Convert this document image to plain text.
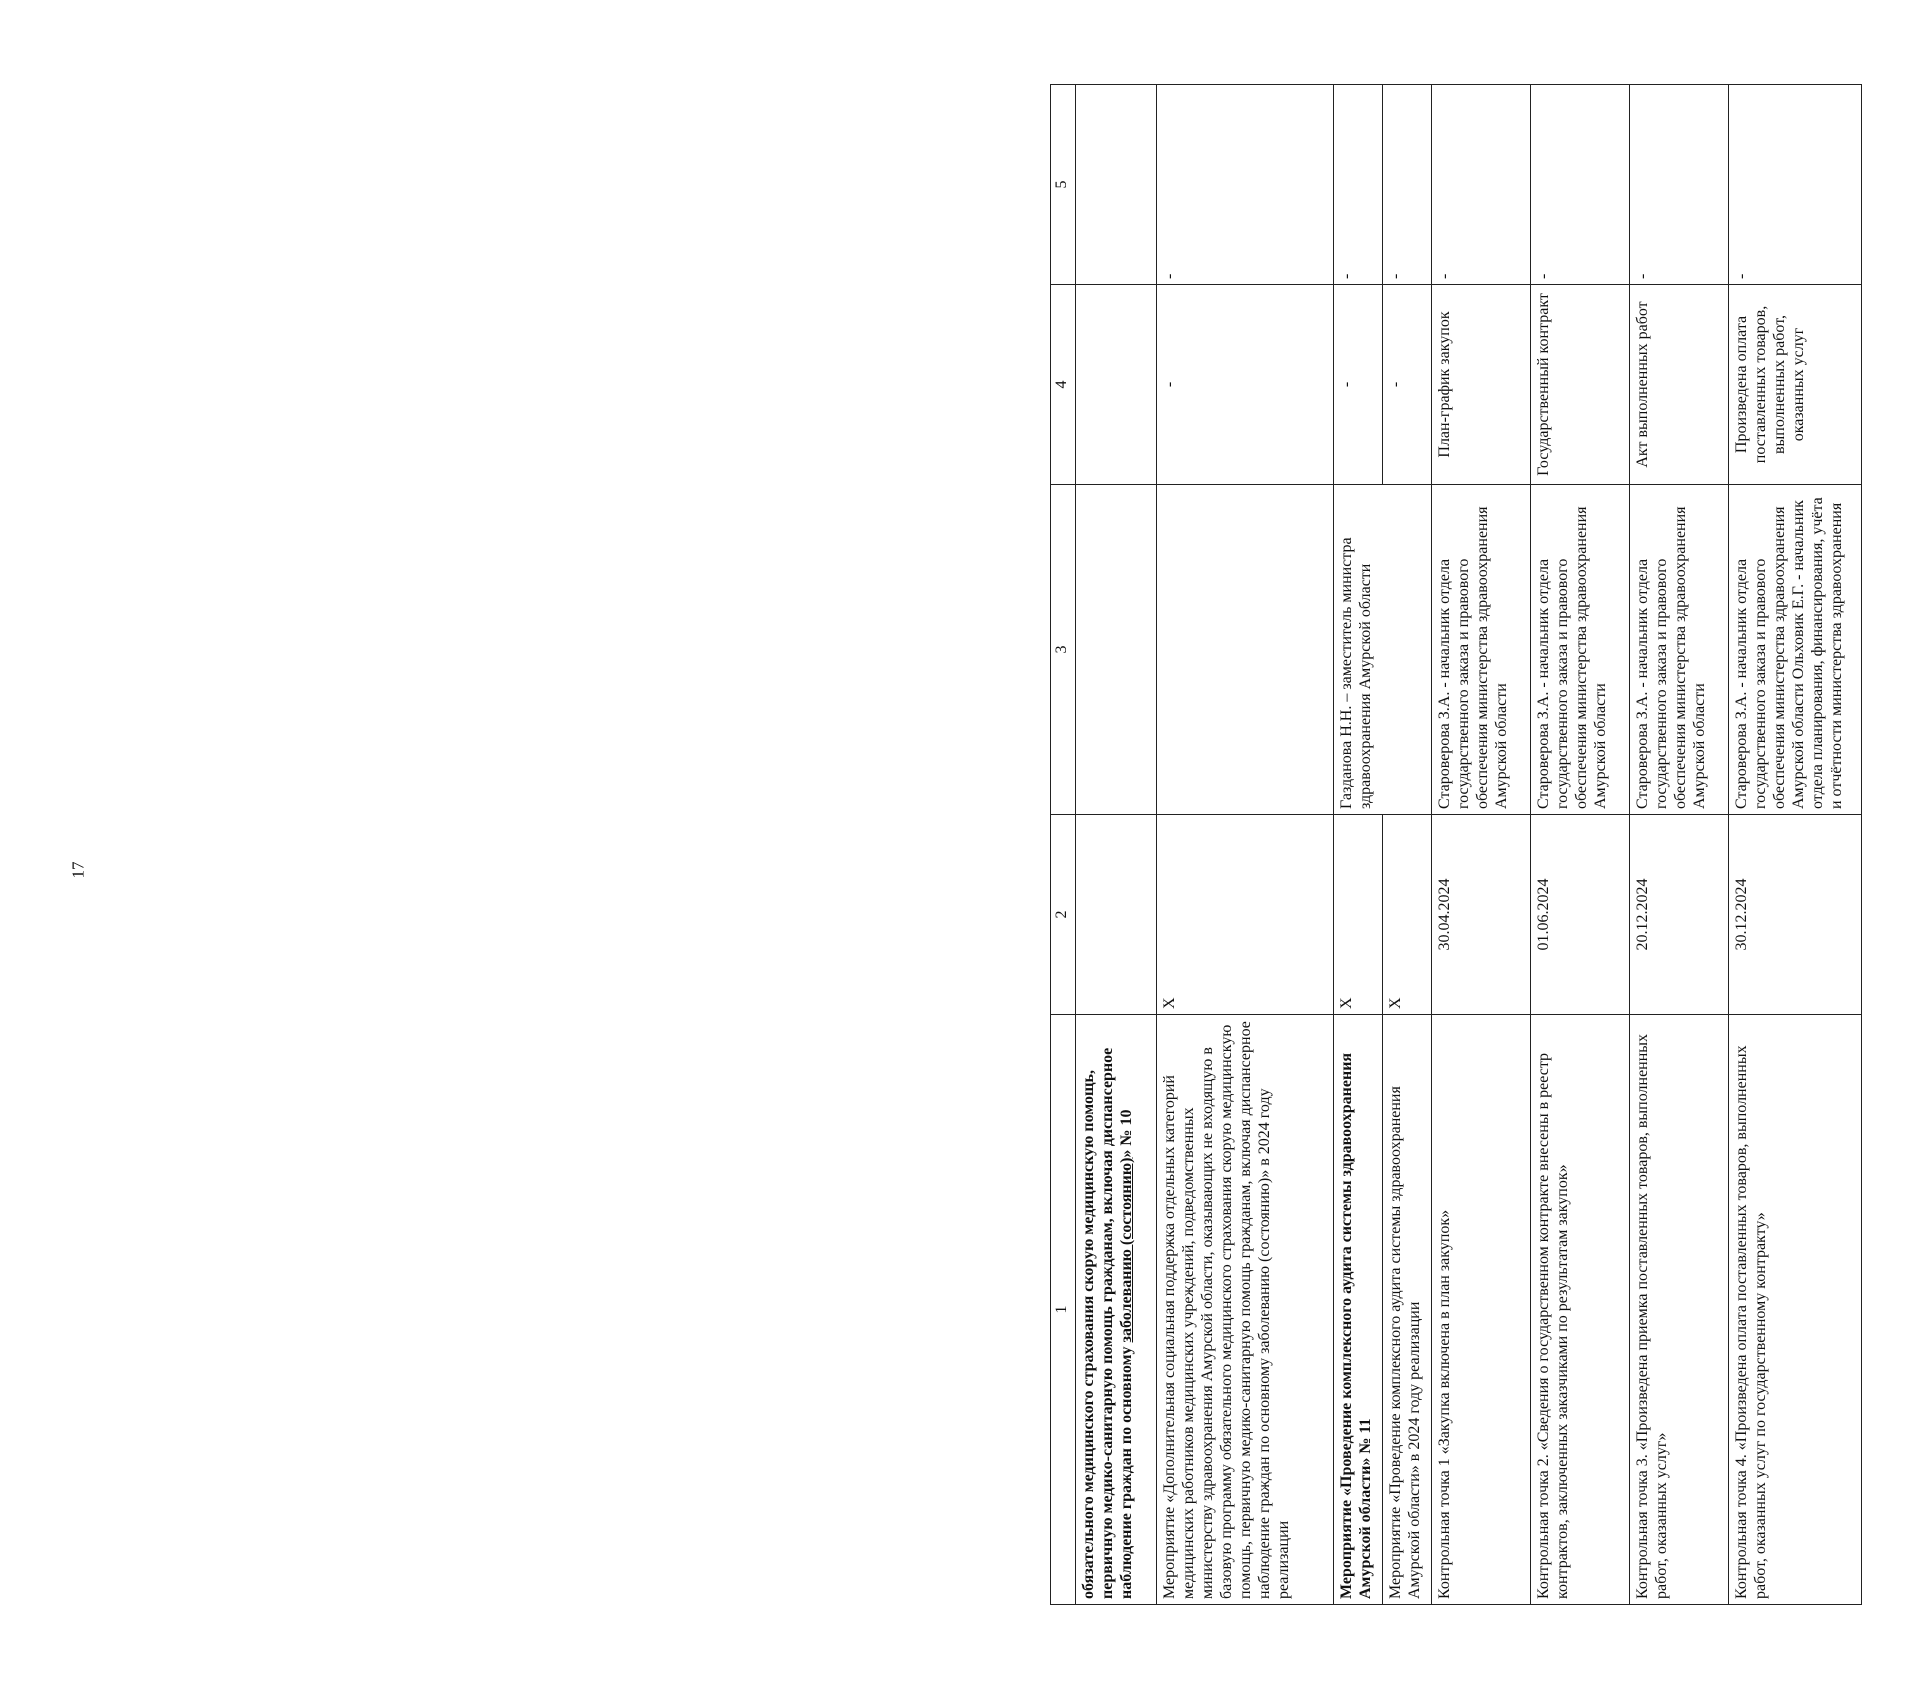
17
1	2	3	4	5
обязательного медицинского страхования скорую медицинскую помощь, первичную медико-санитарную помощь гражданам, включая диспансерное наблюдение граждан по основному заболеванию (состоянию)» № 10				
Мероприятие «Дополнительная социальная поддержка отдельных категорий медицинских работников медицинских учреждений, подведомственных министерству здравоохранения Амурской области, оказывающих не входящую в базовую программу обязательного медицинского страхования скорую медицинскую помощь, первичную медико-санитарную помощь гражданам, включая диспансерное наблюдение граждан по основному заболеванию (состоянию)» в 2024 году реализации	X		-	-
Мероприятие «Проведение комплексного аудита системы здравоохранения Амурской области» № 11	X	Газданова Н.Н. – заместитель министра здравоохранения Амурской области	-	-
Мероприятие «Проведение комплексного аудита системы здравоохранения Амурской области» в 2024 году реализации	X		-	-
Контрольная точка 1 «Закупка включена в план закупок»	30.04.2024	Староверова З.А. - начальник отдела государственного заказа и правового обеспечения министерства здравоохранения Амурской области	План-график закупок	-
Контрольная точка 2. «Сведения о государственном контракте внесены в реестр контрактов, заключенных заказчиками по результатам закупок»	01.06.2024	Староверова З.А. - начальник отдела государственного заказа и правового обеспечения министерства здравоохранения Амурской области	Государственный контракт	-
Контрольная точка 3. «Произведена приемка поставленных товаров, выполненных работ, оказанных услуг»	20.12.2024	Староверова З.А. - начальник отдела государственного заказа и правового обеспечения министерства здравоохранения Амурской области	Акт выполненных работ	-
Контрольная точка 4. «Произведена оплата поставленных товаров, выполненных работ, оказанных услуг по государственному контракту»	30.12.2024	Староверова З.А. - начальник отдела государственного заказа и правового обеспечения министерства здравоохранения Амурской области Ольховик Е.Г. - начальник отдела планирования, финансирования, учёта и отчётности министерства здравоохранения	Произведена оплата поставленных товаров, выполненных работ, оказанных услуг	-
